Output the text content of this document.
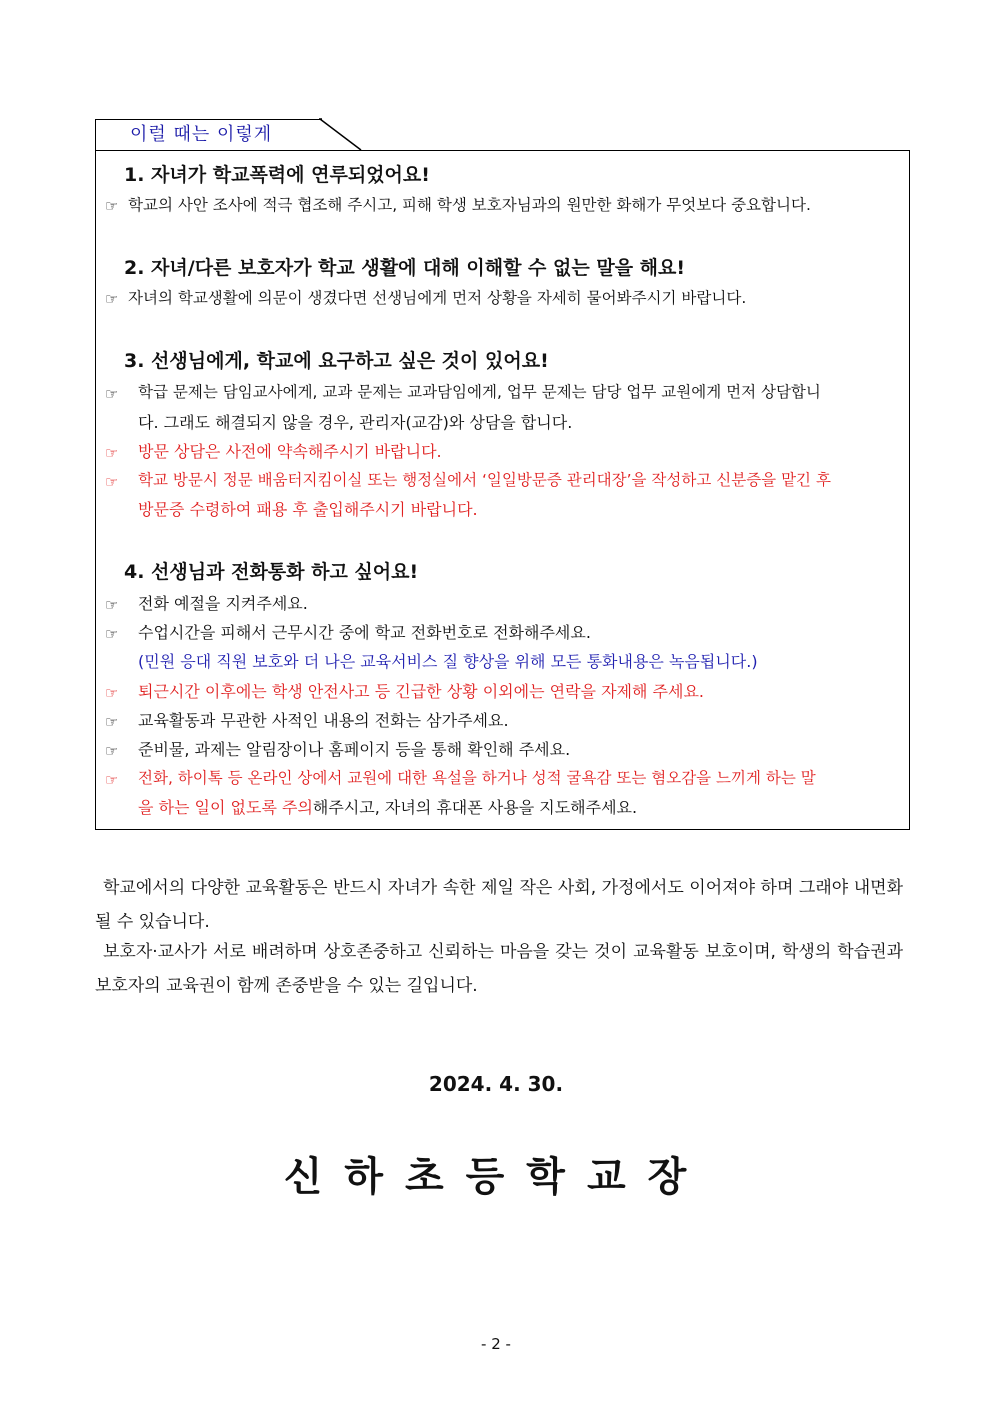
이럴 때는 이렇게
1. 자녀가 학교폭력에 연루되었어요!
☞ 학교의 사안 조사에 적극 협조해 주시고, 피해 학생 보호자님과의 원만한 화해가 무엇보다 중요합니다.
2. 자녀/다른 보호자가 학교 생활에 대해 이해할 수 없는 말을 해요!
☞ 자녀의 학교생활에 의문이 생겼다면 선생님에게 먼저 상황을 자세히 물어봐주시기 바랍니다.
3. 선생님에게, 학교에 요구하고 싶은 것이 있어요!
☞ 학급 문제는 담임교사에게, 교과 문제는 교과담임에게, 업무 문제는 담당 업무 교원에게 먼저 상담합니
다. 그래도 해결되지 않을 경우, 관리자(교감)와 상담을 합니다.
☞ 방문 상담은 사전에 약속해주시기 바랍니다.
☞ 학교 방문시 정문 배움터지킴이실 또는 행정실에서 ‘일일방문증 관리대장’을 작성하고 신분증을 맡긴 후
방문증 수령하여 패용 후 출입해주시기 바랍니다.
4. 선생님과 전화통화 하고 싶어요!
☞ 전화 예절을 지켜주세요.
☞ 수업시간을 피해서 근무시간 중에 학교 전화번호로 전화해주세요.
(민원 응대 직원 보호와 더 나은 교육서비스 질 향상을 위해 모든 통화내용은 녹음됩니다.)
☞ 퇴근시간 이후에는 학생 안전사고 등 긴급한 상황 이외에는 연락을 자제해 주세요.
☞ 교육활동과 무관한 사적인 내용의 전화는 삼가주세요.
☞ 준비물, 과제는 알림장이나 홈페이지 등을 통해 확인해 주세요.
☞ 전화, 하이톡 등 온라인 상에서 교원에 대한 욕설을 하거나 성적 굴욕감 또는 혐오감을 느끼게 하는 말
을 하는 일이 없도록 주의해주시고, 자녀의 휴대폰 사용을 지도해주세요.
학교에서의 다양한 교육활동은 반드시 자녀가 속한 제일 작은 사회, 가정에서도 이어져야 하며 그래야 내면화될 수 있습니다.
보호자·교사가 서로 배려하며 상호존중하고 신뢰하는 마음을 갖는 것이 교육활동 보호이며, 학생의 학습권과 보호자의 교육권이 함께 존중받을 수 있는 길입니다.
2024. 4. 30.
신하초등학교장
- 2 -
